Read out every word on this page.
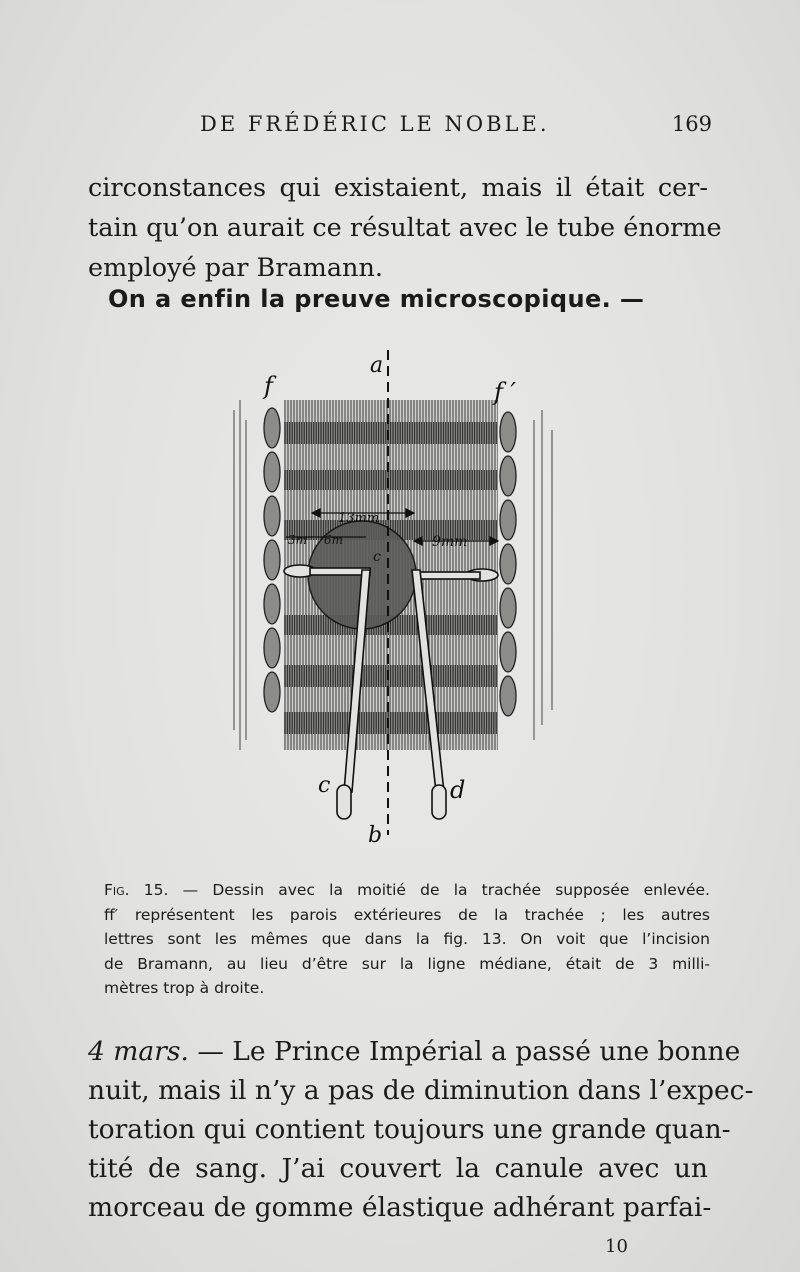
DE FRÉDÉRIC LE NOBLE.	169
circonstances qui existaient, mais il était cer-
tain qu’on aurait ce résultat avec le tube énorme
employé par Bramann.
On a enfin la preuve microscopique. —
a
f	f ′
c
c	d
b
13mm
9mm
3m 6m
Fig. 15. — Dessin avec la moitié de la trachée supposée enlevée.
ff′ représentent les parois extérieures de la trachée ; les autres
lettres sont les mêmes que dans la fig. 13. On voit que l’incision
de Bramann, au lieu d’être sur la ligne médiane, était de 3 milli-
mètres trop à droite.
4 mars. — Le Prince Impérial a passé une bonne
nuit, mais il n’y a pas de diminution dans l’expec-
toration qui contient toujours une grande quan-
tité de sang. J’ai couvert la canule avec un
morceau de gomme élastique adhérant parfai-
10
